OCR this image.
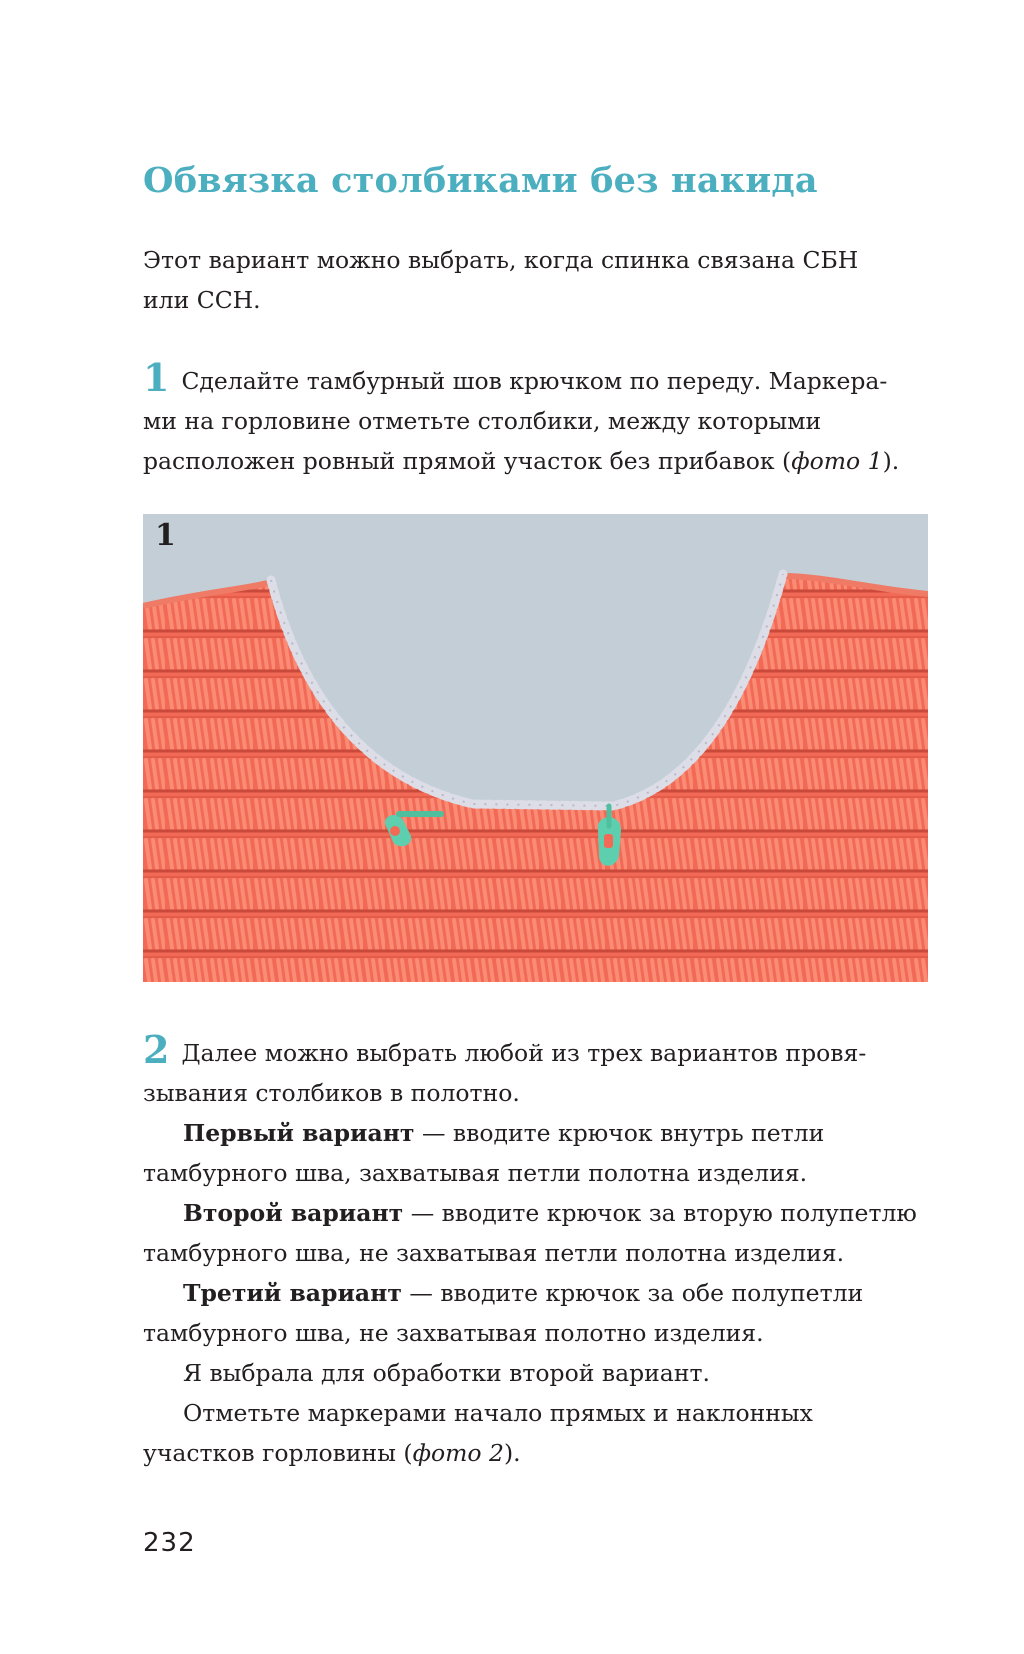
Обвязка столбиками без накида

Этот вариант можно выбрать, когда спинка связана СБН
или ССН.

1 Сделайте тамбурный шов крючком по переду. Маркера-
ми на горловине отметьте столбики, между которыми
расположен ровный прямой участок без прибавок (фото 1).

1

2 Далее можно выбрать любой из трех вариантов провя-
зывания столбиков в полотно.
Первый вариант — вводите крючок внутрь петли
тамбурного шва, захватывая петли полотна изделия.
Второй вариант — вводите крючок за вторую полупетлю
тамбурного шва, не захватывая петли полотна изделия.
Третий вариант — вводите крючок за обе полупетли
тамбурного шва, не захватывая полотно изделия.
Я выбрала для обработки второй вариант.
Отметьте маркерами начало прямых и наклонных
участков горловины (фото 2).

232
